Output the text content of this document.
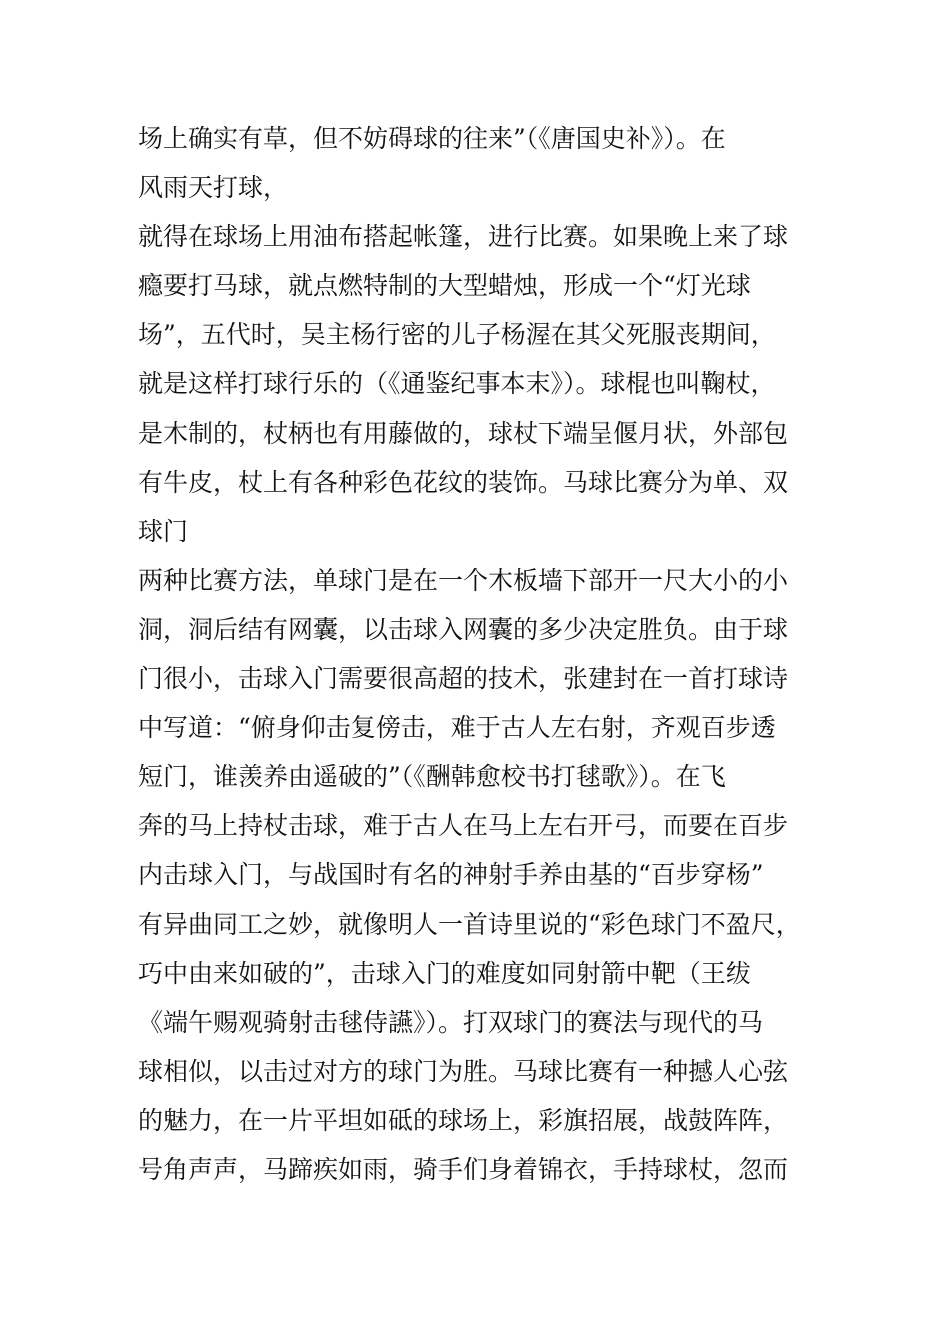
场上确实有草，但不妨碍球的往来”（《唐国史补》）。在
风雨天打球，
就得在球场上用油布搭起帐篷，进行比赛。如果晚上来了球
瘾要打马球，就点燃特制的大型蜡烛，形成一个“灯光球
场”，五代时，吴主杨行密的儿子杨渥在其父死服丧期间，
就是这样打球行乐的（《通鉴纪事本末》）。球棍也叫鞠杖，
是木制的，杖柄也有用藤做的，球杖下端呈偃月状，外部包
有牛皮，杖上有各种彩色花纹的装饰。马球比赛分为单、双
球门
两种比赛方法，单球门是在一个木板墙下部开一尺大小的小
洞，洞后结有网囊，以击球入网囊的多少决定胜负。由于球
门很小，击球入门需要很高超的技术，张建封在一首打球诗
中写道：“俯身仰击复傍击，难于古人左右射，齐观百步透
短门，谁羡养由遥破的”（《酬韩愈校书打毬歌》）。在飞
奔的马上持杖击球，难于古人在马上左右开弓，而要在百步
内击球入门，与战国时有名的神射手养由基的“百步穿杨”
有异曲同工之妙，就像明人一首诗里说的“彩色球门不盈尺，
巧中由来如破的”，击球入门的难度如同射箭中靶（王绂
《端午赐观骑射击毬侍讌》）。打双球门的赛法与现代的马
球相似，以击过对方的球门为胜。马球比赛有一种撼人心弦
的魅力，在一片平坦如砥的球场上，彩旗招展，战鼓阵阵，
号角声声，马蹄疾如雨，骑手们身着锦衣，手持球杖，忽而
